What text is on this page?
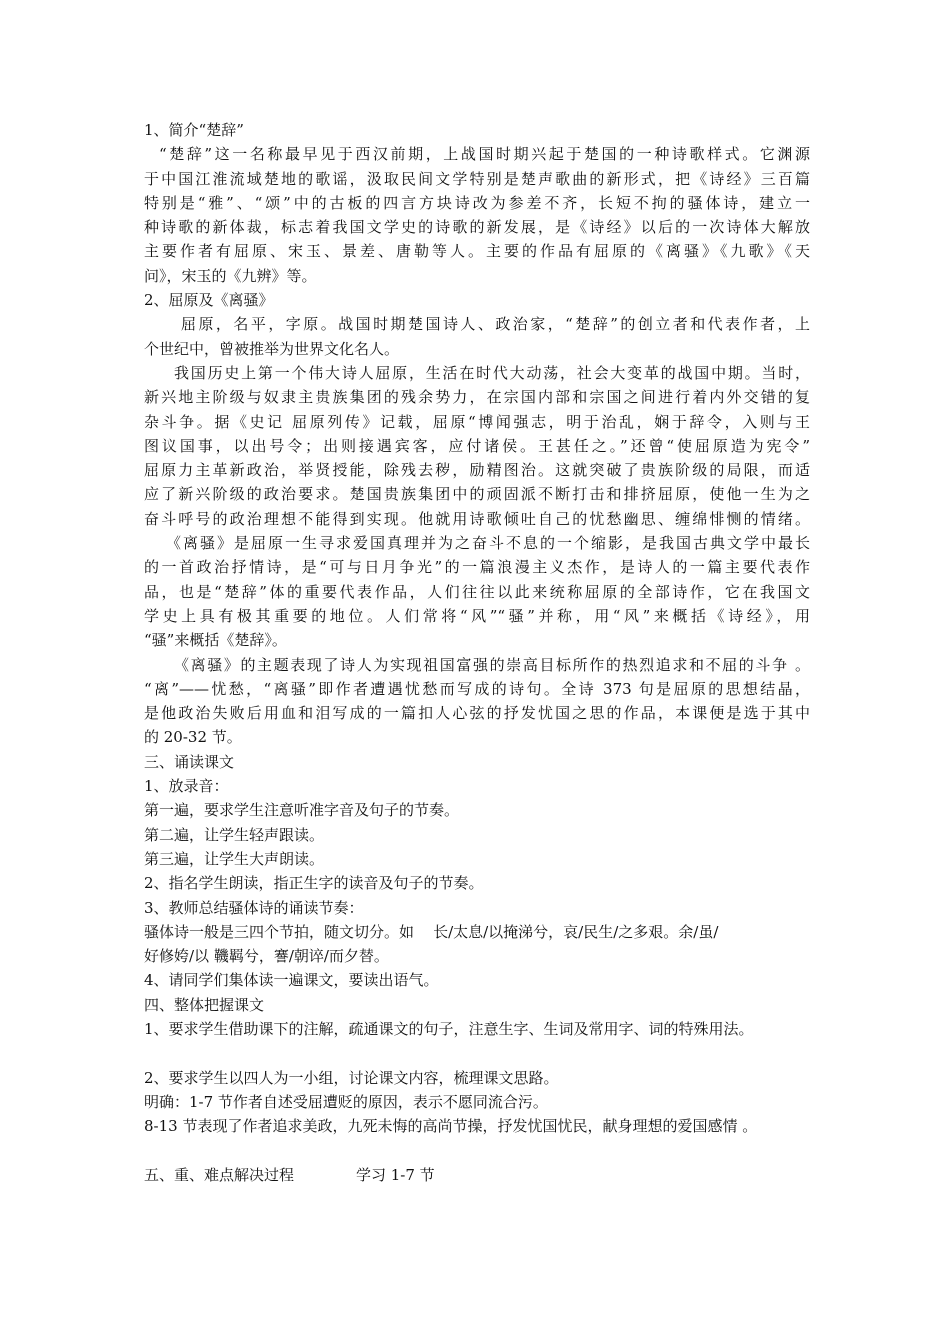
1、简介“楚辞”
“楚辞”这一名称最早见于西汉前期，上战国时期兴起于楚国的一种诗歌样式。它渊源
于中国江淮流域楚地的歌谣，汲取民间文学特别是楚声歌曲的新形式，把《诗经》三百篇
特别是“雅”、“颂”中的古板的四言方块诗改为参差不齐，长短不拘的骚体诗，建立一
种诗歌的新体裁，标志着我国文学史的诗歌的新发展，是《诗经》以后的一次诗体大解放
主要作者有屈原、宋玉、景差、唐勒等人。主要的作品有屈原的《离骚》《九歌》《天
问》，宋玉的《九辨》等。
2、屈原及《离骚》
屈原，名平，字原。战国时期楚国诗人、政治家，“楚辞”的创立者和代表作者，上
个世纪中，曾被推举为世界文化名人。
我国历史上第一个伟大诗人屈原，生活在时代大动荡，社会大变革的战国中期。当时，
新兴地主阶级与奴隶主贵族集团的残余势力，在宗国内部和宗国之间进行着内外交错的复
杂斗争。据《史记 屈原列传》记载，屈原“博闻强志，明于治乱，娴于辞令，入则与王
图议国事，以出号令；出则接遇宾客，应付诸侯。王甚任之。”还曾“使屈原造为宪令”
屈原力主革新政治，举贤授能，除残去秽，励精图治。这就突破了贵族阶级的局限，而适
应了新兴阶级的政治要求。楚国贵族集团中的顽固派不断打击和排挤屈原，使他一生为之
奋斗呼号的政治理想不能得到实现。他就用诗歌倾吐自己的忧愁幽思、缠绵悱恻的情绪。
《离骚》是屈原一生寻求爱国真理并为之奋斗不息的一个缩影，是我国古典文学中最长
的一首政治抒情诗，是“可与日月争光”的一篇浪漫主义杰作，是诗人的一篇主要代表作
品，也是“楚辞”体的重要代表作品，人们往往以此来统称屈原的全部诗作，它在我国文
学史上具有极其重要的地位。人们常将“风”“骚”并称，用“风”来概括《诗经》，用
“骚”来概括《楚辞》。
《离骚》的主题表现了诗人为实现祖国富强的崇高目标所作的热烈追求和不屈的斗争 。
“离”——忧愁，“离骚”即作者遭遇忧愁而写成的诗句。全诗 373 句是屈原的思想结晶，
是他政治失败后用血和泪写成的一篇扣人心弦的抒发忧国之思的作品，本课便是选于其中
的 20-32 节。
三、诵读课文
1、放录音：
第一遍，要求学生注意听准字音及句子的节奏。
第二遍，让学生轻声跟读。
第三遍，让学生大声朗读。
2、指名学生朗读，指正生字的读音及句子的节奏。
3、教师总结骚体诗的诵读节奏：
骚体诗一般是三四个节拍，随文切分。如    长/太息/以掩涕兮，哀/民生/之多艰。余/虽/
好修姱/以 鞿羁兮，謇/朝谇/而夕替。
4、请同学们集体读一遍课文，要读出语气。
四、整体把握课文
1、要求学生借助课下的注解，疏通课文的句子，注意生字、生词及常用字、词的特殊用法。
2、要求学生以四人为一小组，讨论课文内容，梳理课文思路。
明确：1-7 节作者自述受屈遭贬的原因，表示不愿同流合污。
8-13 节表现了作者追求美政，九死未悔的高尚节操，抒发忧国忧民，献身理想的爱国感情 。
五、重、难点解决过程             学习 1-7 节
